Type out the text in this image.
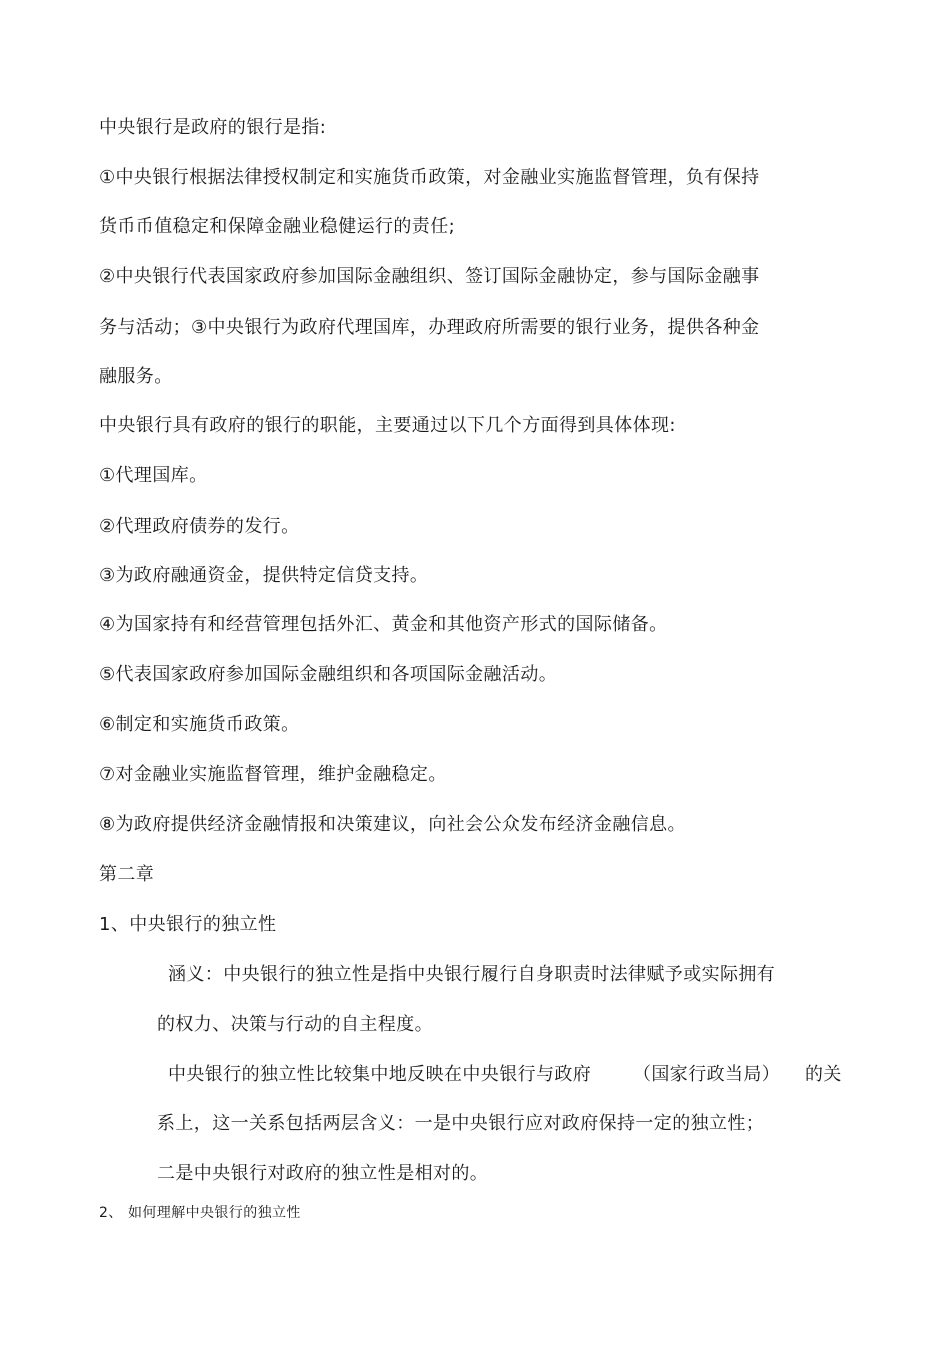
中央银行是政府的银行是指:
①中央银行根据法律授权制定和实施货币政策，对金融业实施监督管理，负有保持
货币币值稳定和保障金融业稳健运行的责任;
②中央银行代表国家政府参加国际金融组织、签订国际金融协定，参与国际金融事
务与活动；③中央银行为政府代理国库，办理政府所需要的银行业务，提供各种金
融服务。
中央银行具有政府的银行的职能，主要通过以下几个方面得到具体体现:
①代理国库。
②代理政府债券的发行。
③为政府融通资金，提供特定信贷支持。
④为国家持有和经营管理包括外汇、黄金和其他资产形式的国际储备。
⑤代表国家政府参加国际金融组织和各项国际金融活动。
⑥制定和实施货币政策。
⑦对金融业实施监督管理，维护金融稳定。
⑧为政府提供经济金融情报和决策建议，向社会公众发布经济金融信息。
第二章
1、中央银行的独立性
涵义：中央银行的独立性是指中央银行履行自身职责时法律赋予或实际拥有
的权力、决策与行动的自主程度。
中央银行的独立性比较集中地反映在中央银行与政府 （国家行政当局） 的关
系上，这一关系包括两层含义：一是中央银行应对政府保持一定的独立性；
二是中央银行对政府的独立性是相对的。
2、 如何理解中央银行的独立性
